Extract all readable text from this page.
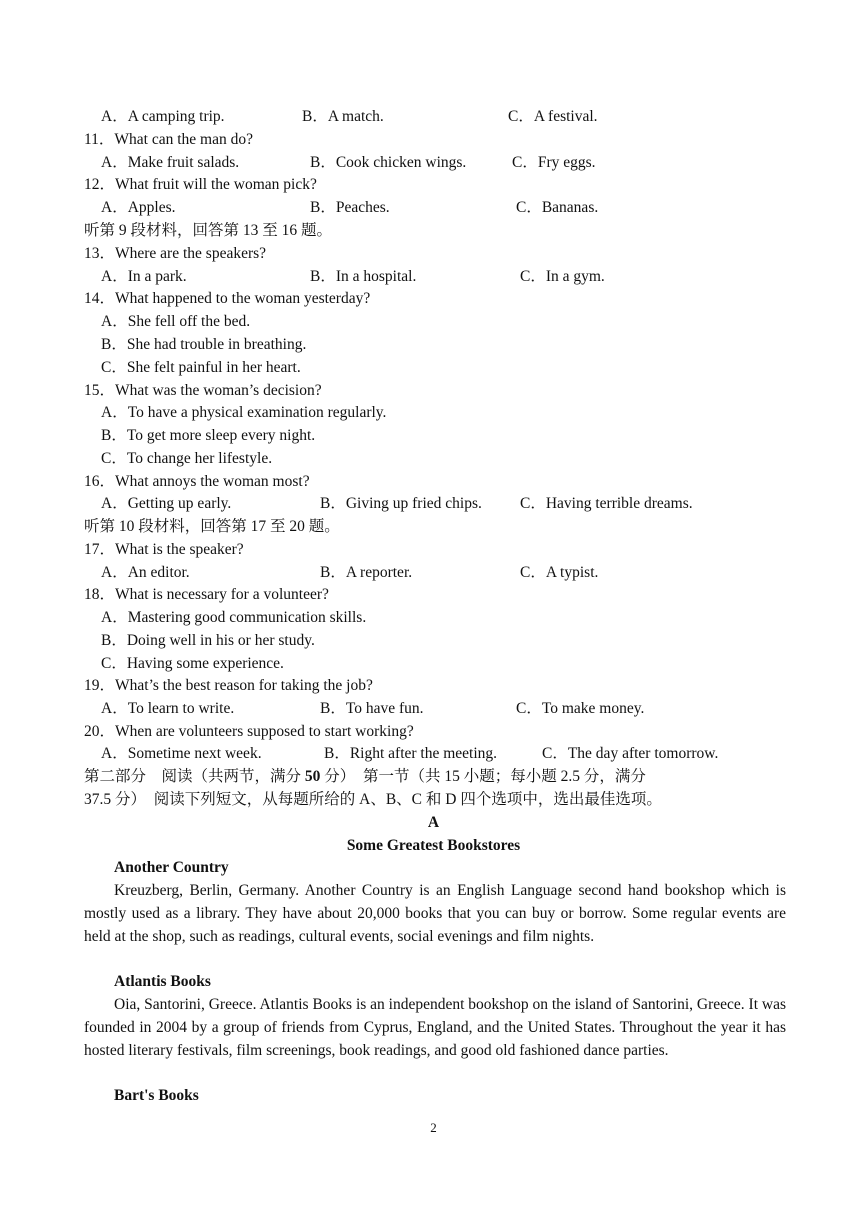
A．A camping trip.	B．A match.	C．A festival.
11．What can the man do?
A．Make fruit salads.	B．Cook chicken wings.	C．Fry eggs.
12．What fruit will the woman pick?
A．Apples.	B．Peaches.	C．Bananas.
听第 9 段材料，回答第 13 至 16 题。
13．Where are the speakers?
A．In a park.	B．In a hospital.	C．In a gym.
14．What happened to the woman yesterday?
A．She fell off the bed.
B．She had trouble in breathing.
C．She felt painful in her heart.
15．What was the woman’s decision?
A．To have a physical examination regularly.
B．To get more sleep every night.
C．To change her lifestyle.
16．What annoys the woman most?
A．Getting up early.	B．Giving up fried chips. C．Having terrible dreams.
听第 10 段材料，回答第 17 至 20 题。
17．What is the speaker?
A．An editor.	B．A reporter.	C．A typist.
18．What is necessary for a volunteer?
A．Mastering good communication skills.
B．Doing well in his or her study.
C．Having some experience.
19．What’s the best reason for taking the job?
A．To learn to write.	B．To have fun.	C．To make money.
20．When are volunteers supposed to start working?
A．Sometime next week.	B．Right after the meeting.	C．The day after tomorrow.
第二部分　阅读（共两节，满分 50 分）　第一节（共 15 小题；每小题 2.5 分，满分
37.5 分）　阅读下列短文，从每题所给的 A、B、C 和 D 四个选项中，选出最佳选项。
A
Some Greatest Bookstores
Another Country
Kreuzberg, Berlin, Germany. Another Country is an English Language second hand bookshop which is mostly used as a library. They have about 20,000 books that you can buy or borrow. Some regular events are held at the shop, such as readings, cultural events, social evenings and film nights.
Atlantis Books
Oia, Santorini, Greece. Atlantis Books is an independent bookshop on the island of Santorini, Greece. It was founded in 2004 by a group of friends from Cyprus, England, and the United States. Throughout the year it has hosted literary festivals, film screenings, book readings, and good old fashioned dance parties.
Bart's Books
2
